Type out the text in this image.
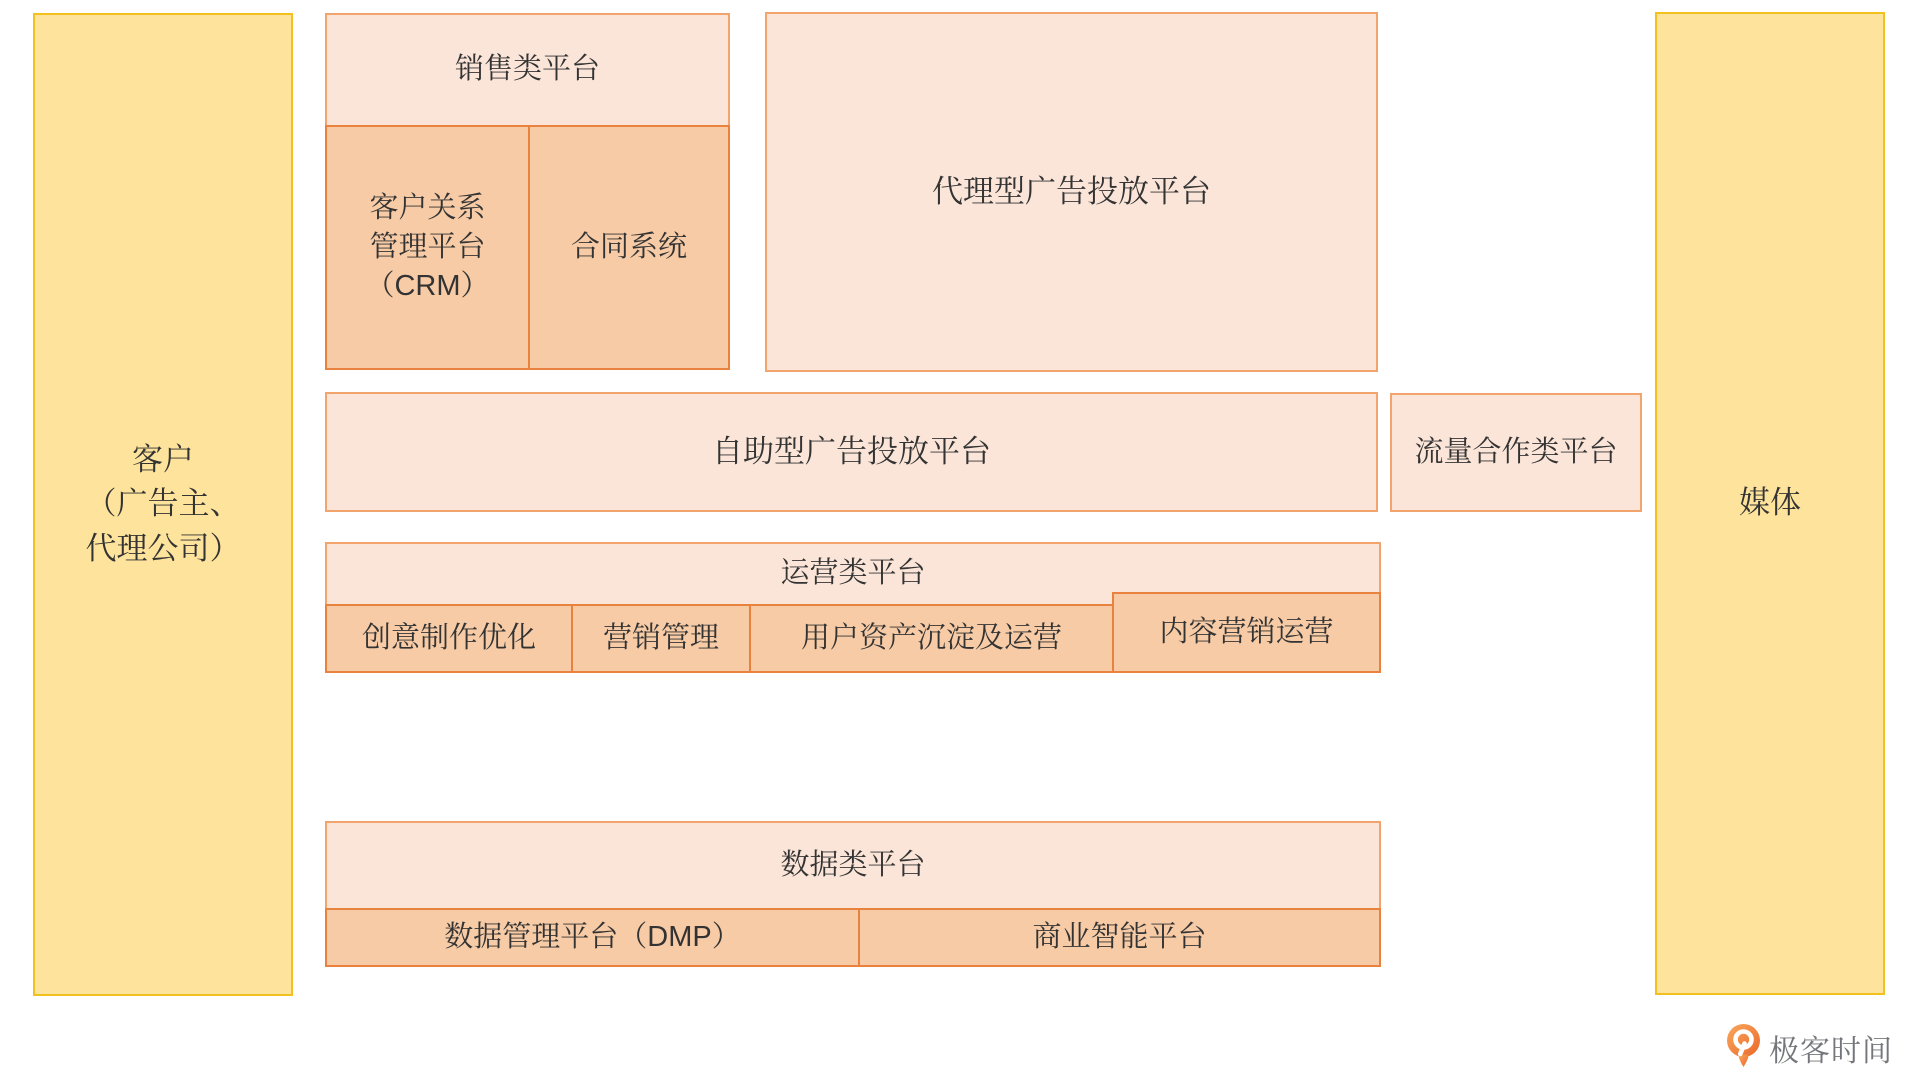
客户
（广告主、
代理公司）
销售类平台
客户关系
管理平台
（CRM）
合同系统
代理型广告投放平台
自助型广告投放平台	流量合作类平台
运营类平台
创意制作优化 营销管理	用户资产沉淀及运营	内容营销运营
数据类平台
数据管理平台（DMP）	商业智能平台
媒体
极客时间
